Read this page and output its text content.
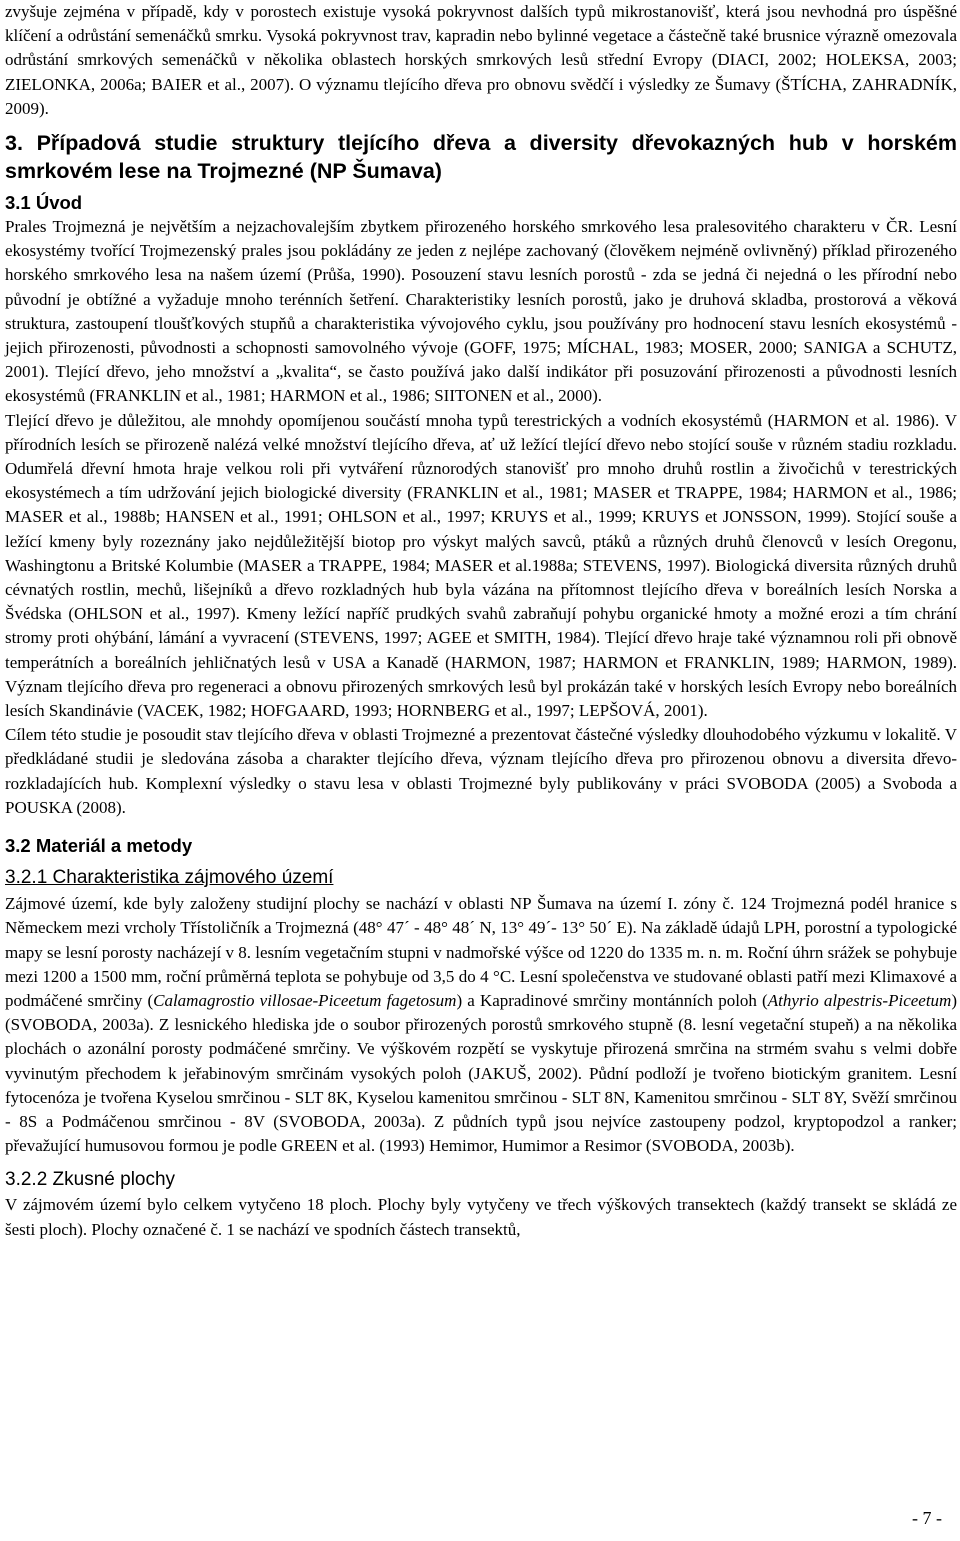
zvyšuje zejména v případě, kdy v porostech existuje vysoká pokryvnost dalších typů mikrostanovišť, která jsou nevhodná pro úspěšné klíčení a odrůstání semenáčků smrku. Vysoká pokryvnost trav, kapradin nebo bylinné vegetace a částečně také brusnice výrazně omezovala odrůstání smrkových semenáčků v několika oblastech horských smrkových lesů střední Evropy (DIACI, 2002; HOLEKSA, 2003; ZIELONKA, 2006a; BAIER et al., 2007). O významu tlejícího dřeva pro obnovu svědčí i výsledky ze Šumavy (ŠTÍCHA, ZAHRADNÍK, 2009).

3. Případová studie struktury tlejícího dřeva a diversity dřevokazných hub v horském smrkovém lese na Trojmezné (NP Šumava)
3.1 Úvod

Prales Trojmezná je největším a nejzachovalejším zbytkem přirozeného horského smrkového lesa pralesovitého charakteru v ČR. Lesní ekosystémy tvořící Trojmezenský prales jsou pokládány ze jeden z nejlépe zachovaný (člověkem nejméně ovlivněný) příklad přirozeného horského smrkového lesa na našem území (Průša, 1990). Posouzení stavu lesních porostů - zda se jedná či nejedná o les přírodní nebo původní je obtížné a vyžaduje mnoho terénních šetření. Charakteristiky lesních porostů, jako je druhová skladba, prostorová a věková struktura, zastoupení tloušťkových stupňů a charakteristika vývojového cyklu, jsou používány pro hodnocení stavu lesních ekosystémů - jejich přirozenosti, původnosti a schopnosti samovolného vývoje (GOFF, 1975; MÍCHAL, 1983; MOSER, 2000; SANIGA a SCHUTZ, 2001). Tlející dřevo, jeho množství a „kvalita“, se často používá jako další indikátor při posuzování přirozenosti a původnosti lesních ekosystémů (FRANKLIN et al., 1981; HARMON et al., 1986; SIITONEN et al., 2000).

Tlející dřevo je důležitou, ale mnohdy opomíjenou součástí mnoha typů terestrických a vodních ekosystémů (HARMON et al. 1986). V přírodních lesích se přirozeně nalézá velké množství tlejícího dřeva, ať už ležící tlející dřevo nebo stojící souše v různém stadiu rozkladu. Odumřelá dřevní hmota hraje velkou roli při vytváření různorodých stanovišť pro mnoho druhů rostlin a živočichů v terestrických ekosystémech a tím udržování jejich biologické diversity (FRANKLIN et al., 1981; MASER et TRAPPE, 1984; HARMON et al., 1986; MASER et al., 1988b; HANSEN et al., 1991; OHLSON et al., 1997; KRUYS et al., 1999; KRUYS et JONSSON, 1999). Stojící souše a ležící kmeny byly rozeznány jako nejdůležitější biotop pro výskyt malých savců, ptáků a různých druhů členovců v lesích Oregonu, Washingtonu a Britské Kolumbie (MASER a TRAPPE, 1984; MASER et al.1988a; STEVENS, 1997). Biologická diversita různých druhů cévnatých rostlin, mechů, lišejníků a dřevo rozkladných hub byla vázána na přítomnost tlejícího dřeva v boreálních lesích Norska a Švédska (OHLSON et al., 1997). Kmeny ležící napříč prudkých svahů zabraňují pohybu organické hmoty a možné erozi a tím chrání stromy proti ohýbání, lámání a vyvracení (STEVENS, 1997; AGEE et SMITH, 1984). Tlející dřevo hraje také významnou roli při obnově temperátních a boreálních jehličnatých lesů v USA a Kanadě (HARMON, 1987; HARMON et FRANKLIN, 1989; HARMON, 1989). Význam tlejícího dřeva pro regeneraci a obnovu přirozených smrkových lesů byl prokázán také v horských lesích Evropy nebo boreálních lesích Skandinávie (VACEK, 1982; HOFGAARD, 1993; HORNBERG et al., 1997; LEPŠOVÁ, 2001).

Cílem této studie je posoudit stav tlejícího dřeva v oblasti Trojmezné a prezentovat částečné výsledky dlouhodobého výzkumu v lokalitě. V předkládané studii je sledována zásoba a charakter tlejícího dřeva, význam tlejícího dřeva pro přirozenou obnovu a diversita dřevo-rozkladajících hub. Komplexní výsledky o stavu lesa v oblasti Trojmezné byly publikovány v práci SVOBODA (2005) a Svoboda a POUSKA (2008).

3.2 Materiál a metody
3.2.1 Charakteristika zájmového území

Zájmové území, kde byly založeny studijní plochy se nachází v oblasti NP Šumava na území I. zóny č. 124 Trojmezná podél hranice s Německem mezi vrcholy Třístoličník a Trojmezná (48° 47´ - 48° 48´ N, 13° 49´- 13° 50´ E). Na základě údajů LPH, porostní a typologické mapy se lesní porosty nacházejí v 8. lesním vegetačním stupni v nadmořské výšce od 1220 do 1335 m. n. m. Roční úhrn srážek se pohybuje mezi 1200 a 1500 mm, roční průměrná teplota se pohybuje od 3,5 do 4 °C. Lesní společenstva ve studované oblasti patří mezi Klimaxové a podmáčené smrčiny (Calamagrostio villosae-Piceetum fagetosum) a Kapradinové smrčiny montánních poloh (Athyrio alpestris-Piceetum) (SVOBODA, 2003a). Z lesnického hlediska jde o soubor přirozených porostů smrkového stupně (8. lesní vegetační stupeň) a na několika plochách o azonální porosty podmáčené smrčiny. Ve výškovém rozpětí se vyskytuje přirozená smrčina na strmém svahu s velmi dobře vyvinutým přechodem k jeřabinovým smrčinám vysokých poloh (JAKUŠ, 2002). Půdní podloží je tvořeno biotickým granitem. Lesní fytocenóza je tvořena Kyselou smrčinou - SLT 8K, Kyselou kamenitou smrčinou - SLT 8N, Kamenitou smrčinou - SLT 8Y, Svěží smrčinou - 8S a Podmáčenou smrčinou - 8V (SVOBODA, 2003a). Z půdních typů jsou nejvíce zastoupeny podzol, kryptopodzol a ranker; převažující humusovou formou je podle GREEN et al. (1993) Hemimor, Humimor a Resimor (SVOBODA, 2003b).

3.2.2 Zkusné plochy

V zájmovém území bylo celkem vytyčeno 18 ploch. Plochy byly vytyčeny ve třech výškových transektech (každý transekt se skládá ze šesti ploch). Plochy označené č. 1 se nachází ve spodních částech transektů,

- 7 -
